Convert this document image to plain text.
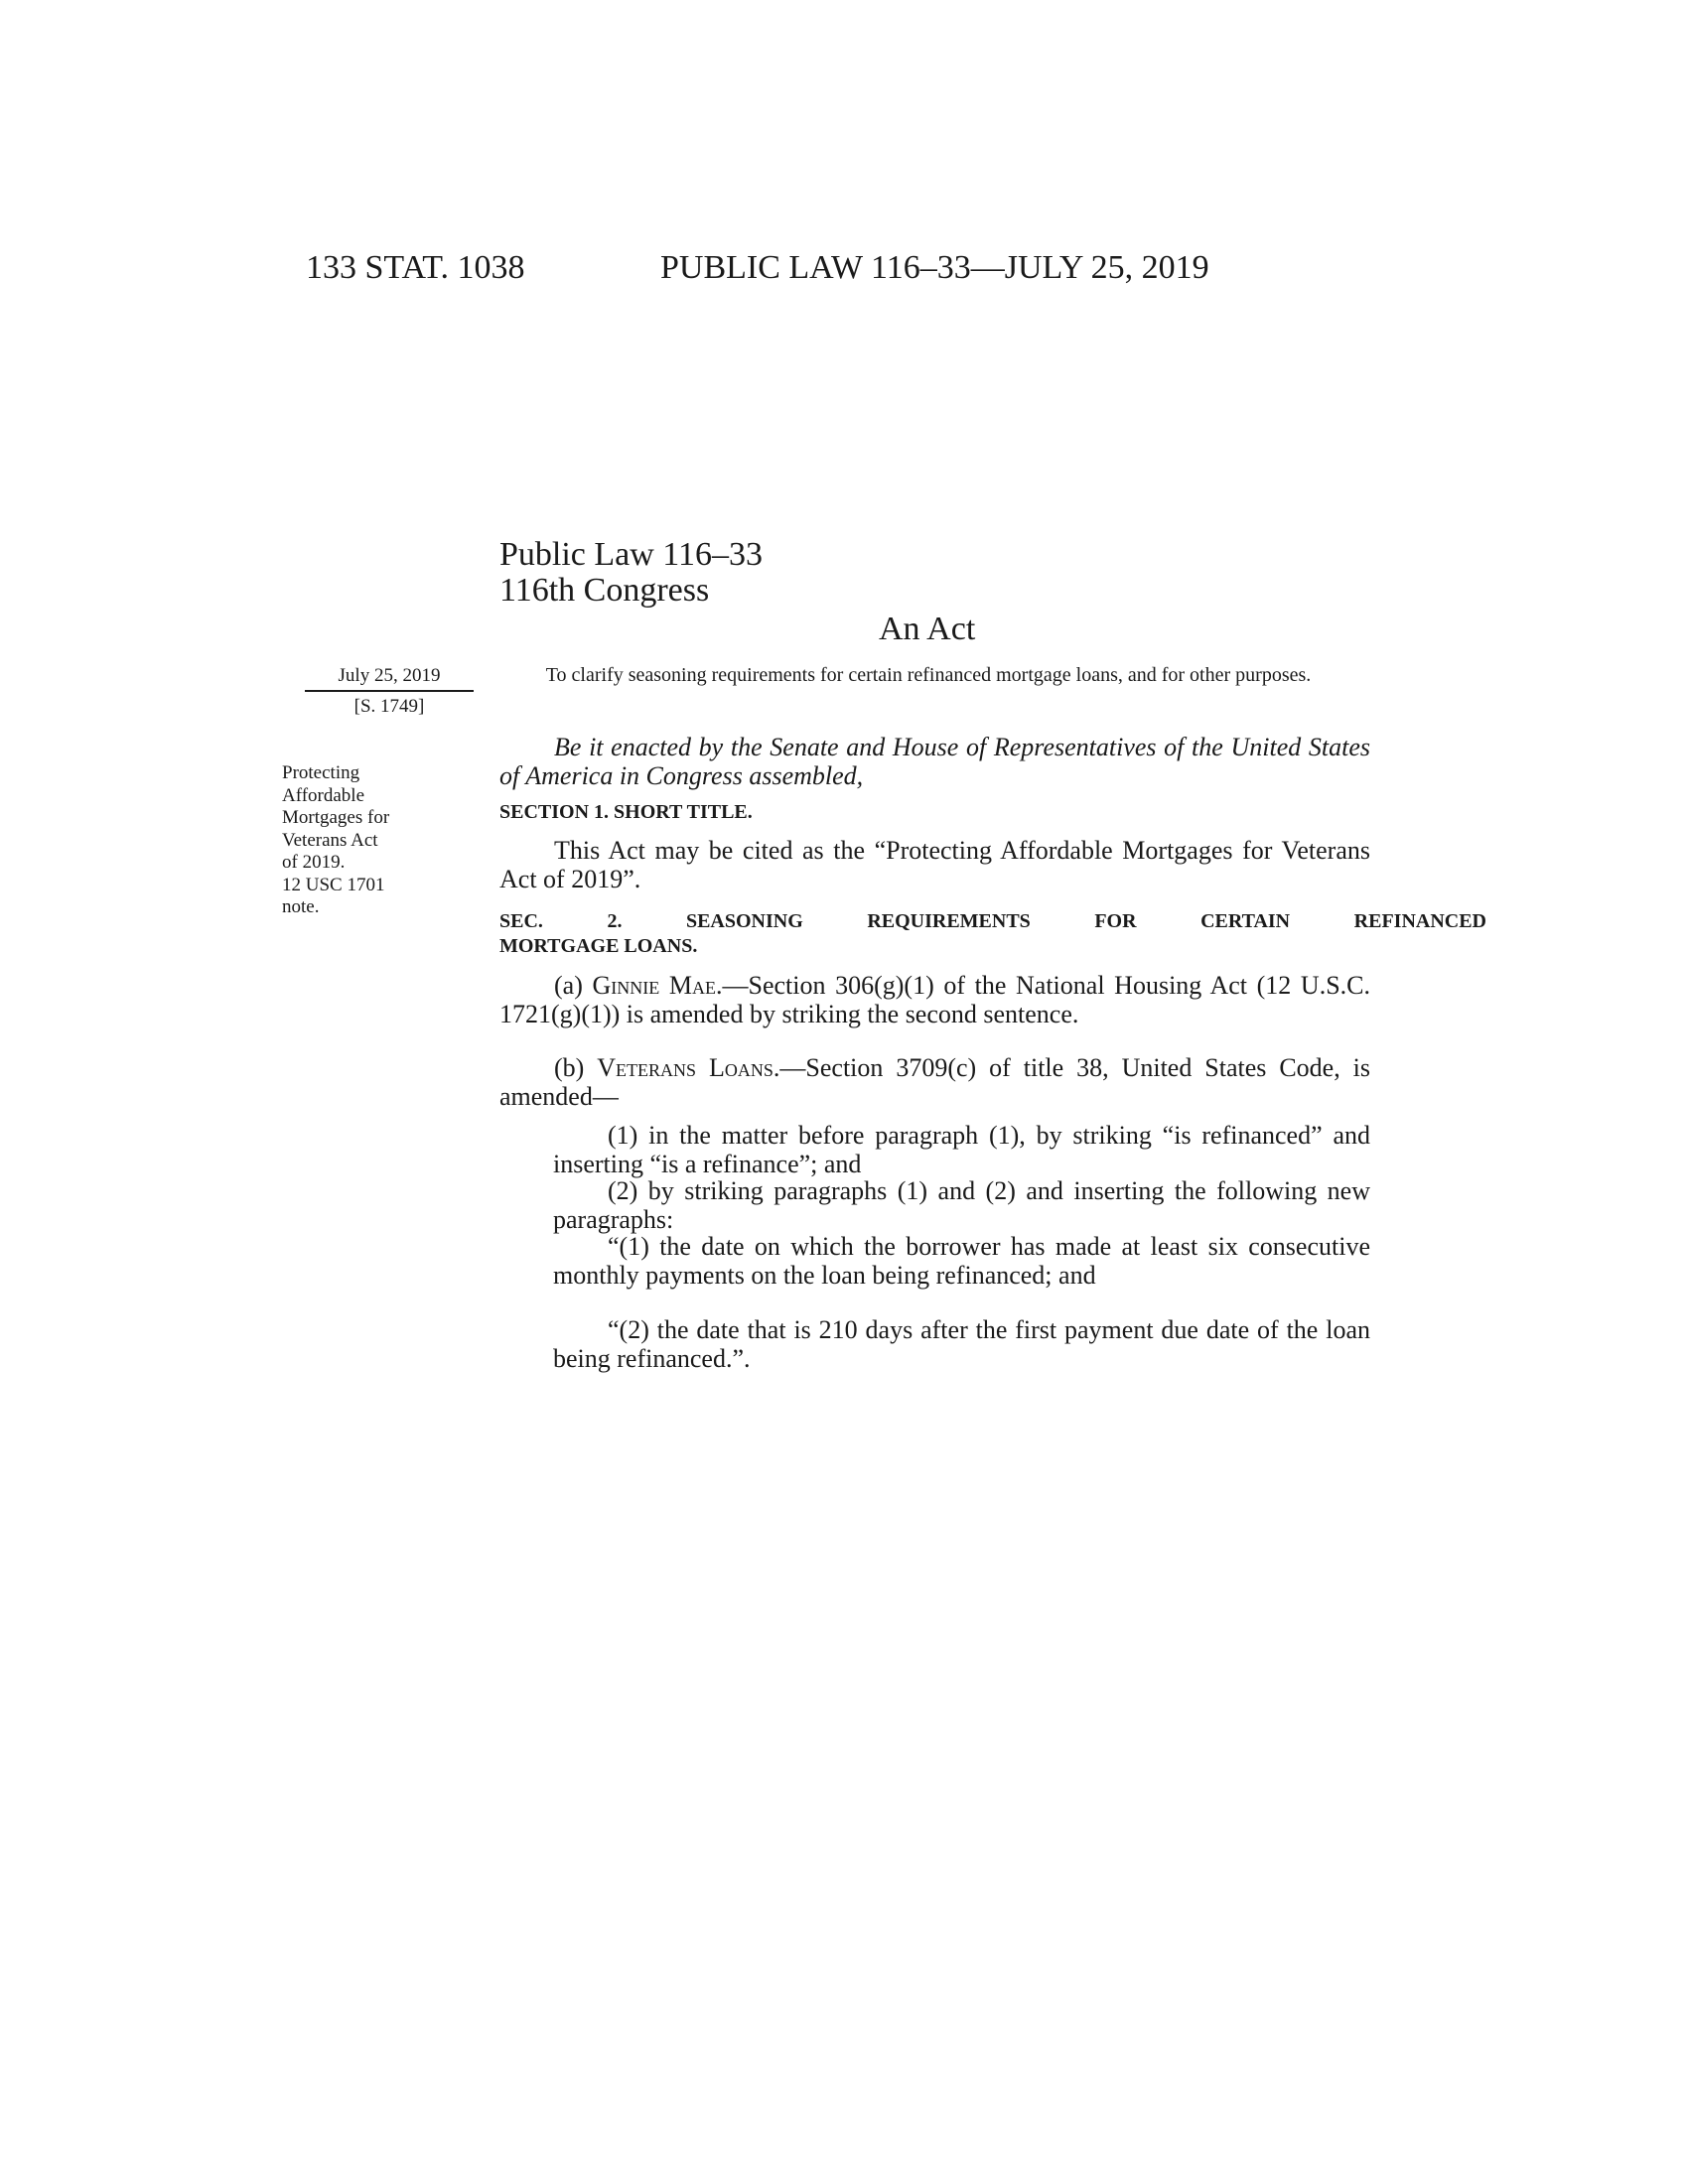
133 STAT. 1038	PUBLIC LAW 116–33—JULY 25, 2019
Public Law 116–33
116th Congress
An Act
July 25, 2019
[S. 1749]
Protecting
Affordable
Mortgages for
Veterans Act
of 2019.
12 USC 1701
note.
To clarify seasoning requirements for certain refinanced mortgage loans, and for other purposes.

Be it enacted by the Senate and House of Representatives of the United States of America in Congress assembled,

SECTION 1. SHORT TITLE.

This Act may be cited as the “Protecting Affordable Mortgages for Veterans Act of 2019”.

SEC. 2. SEASONING REQUIREMENTS FOR CERTAIN REFINANCED
MORTGAGE LOANS.

(a) Ginnie Mae.—Section 306(g)(1) of the National Housing Act (12 U.S.C. 1721(g)(1)) is amended by striking the second sentence.

(b) Veterans Loans.—Section 3709(c) of title 38, United States Code, is amended—

(1) in the matter before paragraph (1), by striking “is refinanced” and inserting “is a refinance”; and

(2) by striking paragraphs (1) and (2) and inserting the following new paragraphs:

“(1) the date on which the borrower has made at least six consecutive monthly payments on the loan being refinanced; and

“(2) the date that is 210 days after the first payment due date of the loan being refinanced.”.
